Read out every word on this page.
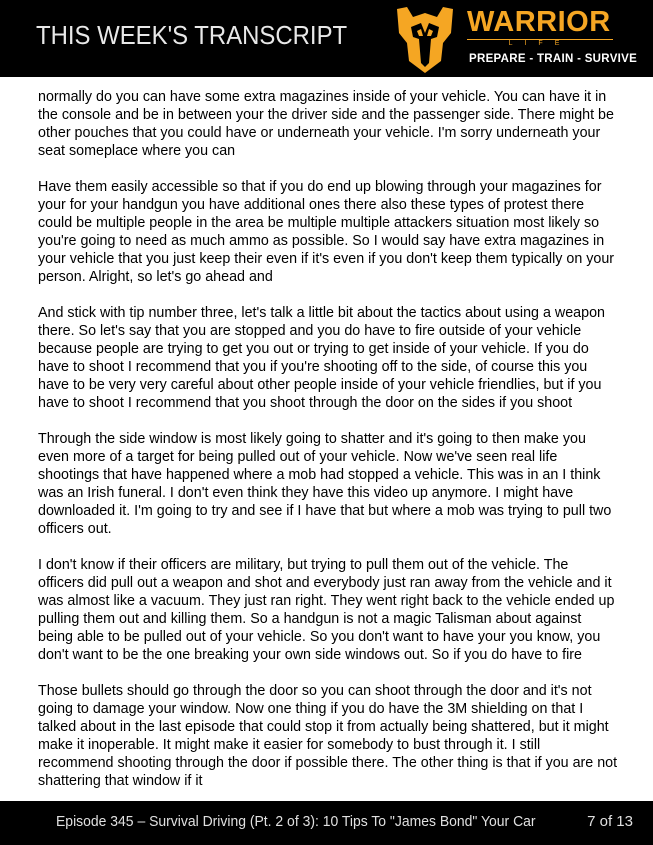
THIS WEEK'S TRANSCRIPT	WARRIOR
LIFE
PREPARE - TRAIN - SURVIVE

normally do you can have some extra magazines inside of your vehicle. You can have it in the console and be in between your the driver side and the passenger side. There might be other pouches that you could have or underneath your vehicle. I'm sorry underneath your seat someplace where you can

Have them easily accessible so that if you do end up blowing through your magazines for your for your handgun you have additional ones there also these types of protest there could be multiple people in the area be multiple multiple attackers situation most likely so you're going to need as much ammo as possible. So I would say have extra magazines in your vehicle that you just keep their even if it's even if you don't keep them typically on your person. Alright, so let's go ahead and

And stick with tip number three, let's talk a little bit about the tactics about using a weapon there. So let's say that you are stopped and you do have to fire outside of your vehicle because people are trying to get you out or trying to get inside of your vehicle. If you do have to shoot I recommend that you if you're shooting off to the side, of course this you have to be very very careful about other people inside of your vehicle friendlies, but if you have to shoot I recommend that you shoot through the door on the sides if you shoot

Through the side window is most likely going to shatter and it's going to then make you even more of a target for being pulled out of your vehicle. Now we've seen real life shootings that have happened where a mob had stopped a vehicle. This was in an I think was an Irish funeral. I don't even think they have this video up anymore. I might have downloaded it. I'm going to try and see if I have that but where a mob was trying to pull two officers out.

I don't know if their officers are military, but trying to pull them out of the vehicle. The officers did pull out a weapon and shot and everybody just ran away from the vehicle and it was almost like a vacuum. They just ran right. They went right back to the vehicle ended up pulling them out and killing them. So a handgun is not a magic Talisman about against being able to be pulled out of your vehicle. So you don't want to have your you know, you don't want to be the one breaking your own side windows out. So if you do have to fire

Those bullets should go through the door so you can shoot through the door and it's not going to damage your window. Now one thing if you do have the 3M shielding on that I talked about in the last episode that could stop it from actually being shattered, but it might make it inoperable. It might make it easier for somebody to bust through it. I still recommend shooting through the door if possible there. The other thing is that if you are not shattering that window if it

Episode 345 – Survival Driving (Pt. 2 of 3): 10 Tips To "James Bond" Your Car	7 of 13
